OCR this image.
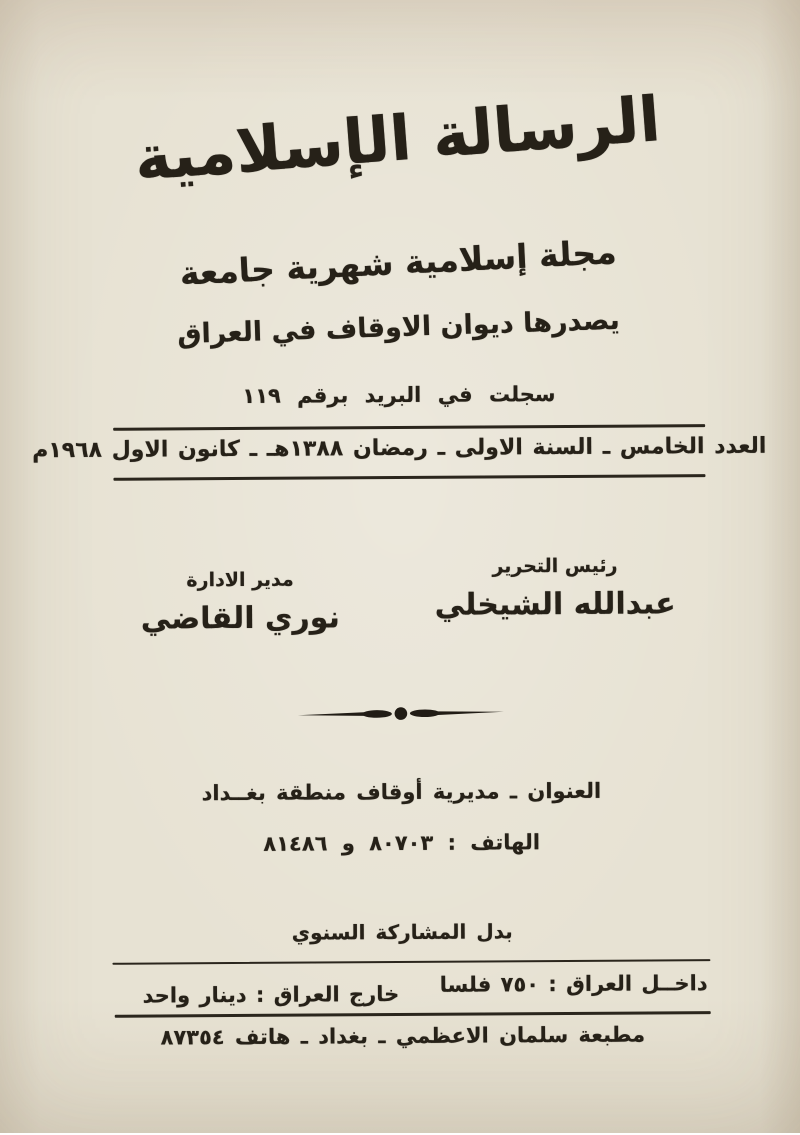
الرسالة الإسلامية
مجلة إسلامية شهرية جامعة
يصدرها ديوان الاوقاف في العراق
سجلت في البريد برقم ١١٩
العدد الخامس ـ السنة الاولى ـ رمضان ١٣٨٨هـ ـ كانون الاول ١٩٦٨م
رئيس التحرير
عبدالله الشيخلي
مدير الادارة
نوري القاضي
العنوان ـ مديرية أوقاف منطقة بغــداد
الهاتف : ٨٠٧٠٣ و ٨١٤٨٦
بدل المشاركة السنوي
داخــل العراق : ٧٥٠ فلسا
خارج العراق : دينار واحد
مطبعة سلمان الاعظمي ـ بغداد ـ هاتف ٨٧٣٥٤
